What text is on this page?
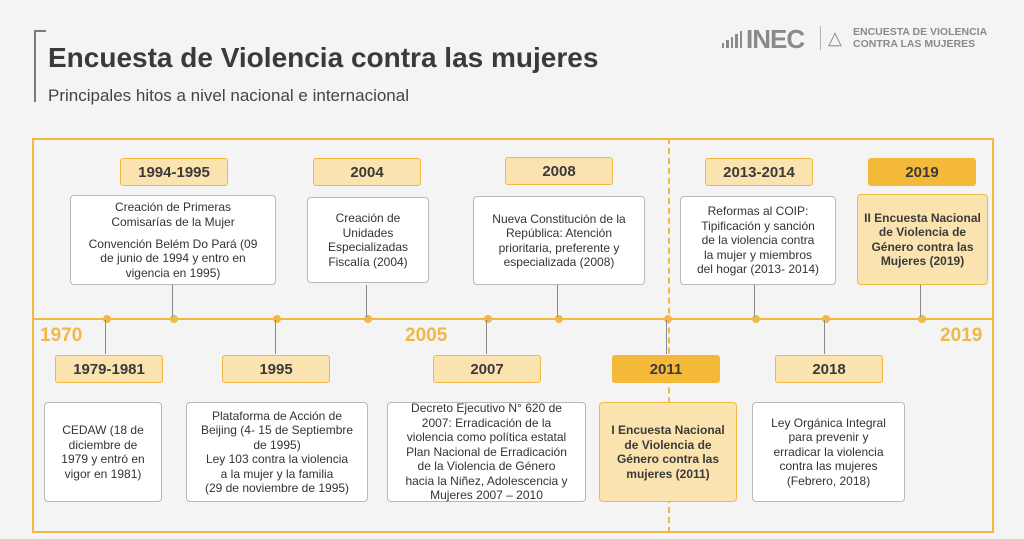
Encuesta de Violencia contra las mujeres
Principales hitos a nivel nacional e internacional
INEC △ ENCUESTA DE VIOLENCIA
CONTRA LAS MUJERES
1970	2005	2019
1994-1995
Creación de Primeras
Comisarías de la Mujer
Convención Belém Do Pará (09
de junio de 1994 y entro en
vigencia en 1995)
2004
Creación de
Unidades
Especializadas
Fiscalía (2004)
2008
Nueva Constitución de la
República: Atención
prioritaria, preferente y
especializada (2008)
2013-2014
Reformas al COIP:
Tipificación y sanción
de la violencia contra
la mujer y miembros
del hogar (2013- 2014)
2019
II Encuesta Nacional
de Violencia de
Género contra las
Mujeres (2019)
1979-1981
CEDAW (18 de
diciembre de
1979 y entró en
vigor en 1981)
1995
Plataforma de Acción de
Beijing (4- 15 de Septiembre
de 1995)
Ley 103 contra la violencia
a la mujer y la familia
(29 de noviembre de 1995)
2007
Decreto Ejecutivo N° 620 de
2007: Erradicación de la
violencia como política estatal
Plan Nacional de Erradicación
de la Violencia de Género
hacia la Niñez, Adolescencia y
Mujeres 2007 – 2010
2011
I Encuesta Nacional
de Violencia de
Género contra las
mujeres (2011)
2018
Ley Orgánica Integral
para prevenir y
erradicar la violencia
contra las mujeres
(Febrero, 2018)
